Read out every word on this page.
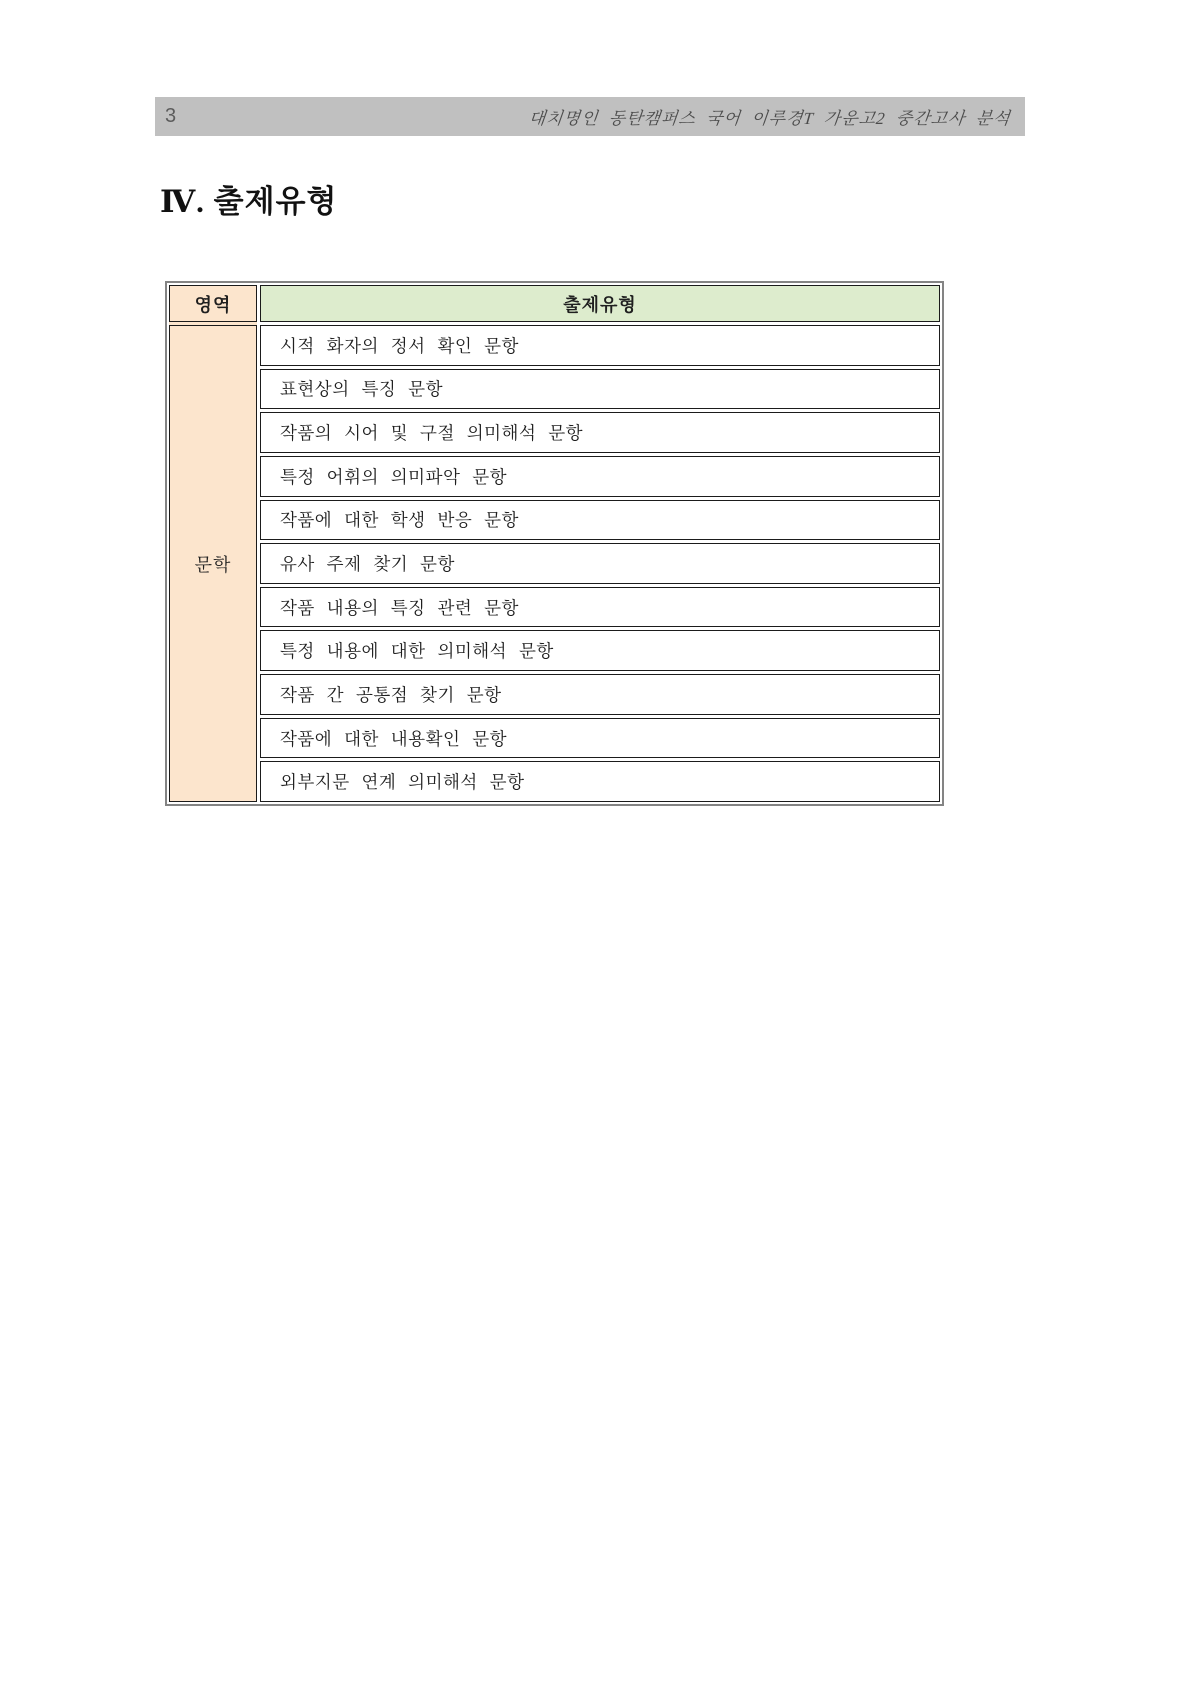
3	대치명인 동탄캠퍼스 국어 이루경T 가운고2 중간고사 분석
Ⅳ. 출제유형
영역
문학
출제유형
시적 화자의 정서 확인 문항
표현상의 특징 문항
작품의 시어 및 구절 의미해석 문항
특정 어휘의 의미파악 문항
작품에 대한 학생 반응 문항
유사 주제 찾기 문항
작품 내용의 특징 관련 문항
특정 내용에 대한 의미해석 문항
작품 간 공통점 찾기 문항
작품에 대한 내용확인 문항
외부지문 연계 의미해석 문항
